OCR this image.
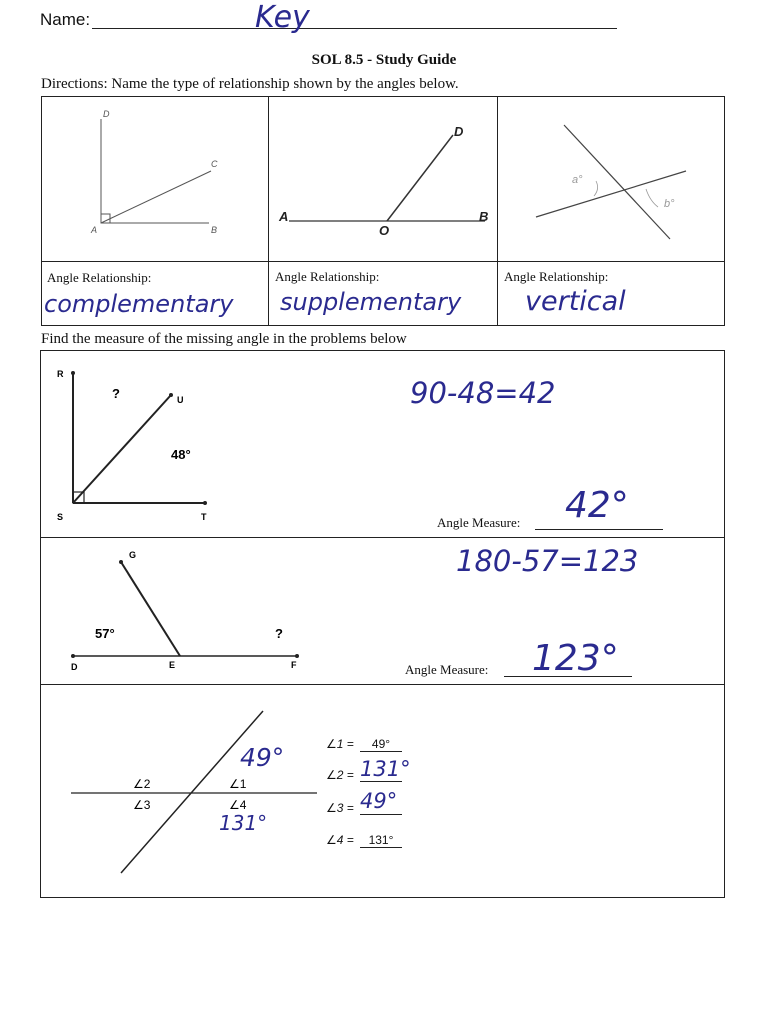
Name:	Key
SOL 8.5 - Study Guide
Directions: Name the type of relationship shown by the angles below.
D
C
A	B
D
A
O
B
a°
b°
Angle Relationship:
complementary
Angle Relationship:
supplementary
Angle Relationship:
vertical
Find the measure of the missing angle in the problems below
R
U
S	T
?
48°
90-48=42
Angle Measure: 42°
G
D	E	F
57°	?
180-57=123
Angle Measure: 123°
∠2	∠1
∠3	∠4
49°
131°
∠1 =	49°
∠2 = 131°
∠3 = 49°
∠4 =	131°
